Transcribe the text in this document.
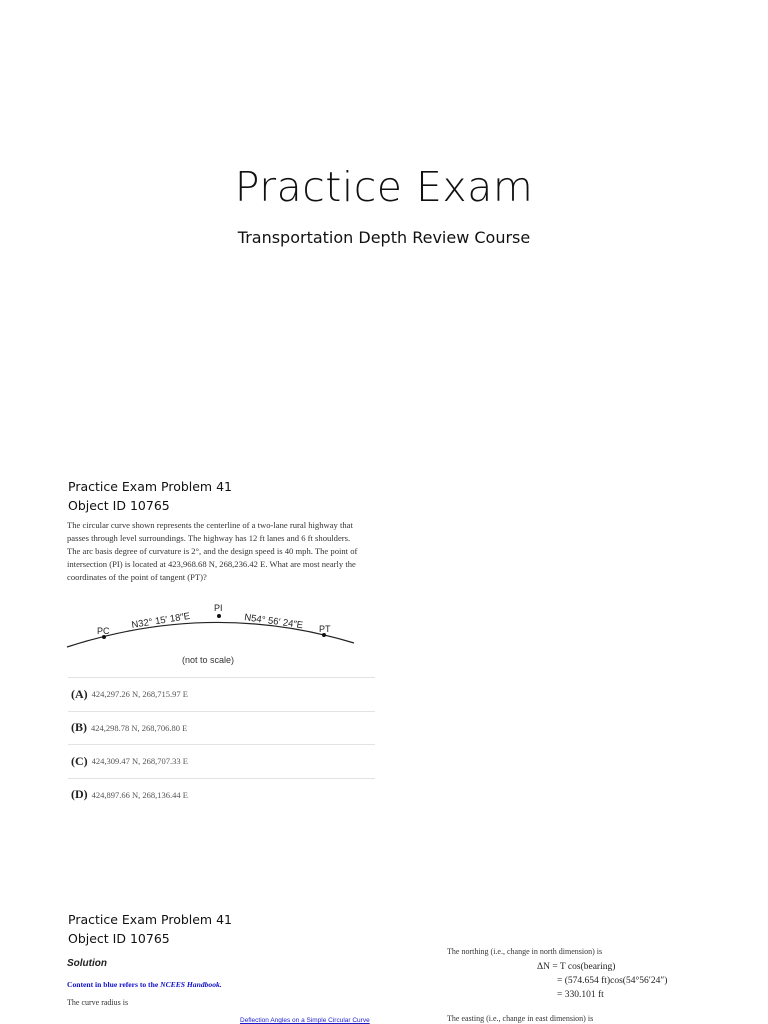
Practice Exam
Transportation Depth Review Course
Practice Exam Problem 41
Object ID 10765
The circular curve shown represents the centerline of a two-lane rural highway that passes through level surroundings. The highway has 12 ft lanes and 6 ft shoulders. The arc basis degree of curvature is 2°, and the design speed is 40 mph. The point of intersection (PI) is located at 423,968.68 N, 268,236.42 E. What are most nearly the coordinates of the point of tangent (PT)?
PC
PI
PT
N32° 15′ 18″E	N54° 56′ 24″E
(not to scale)
(A) 424,297.26 N, 268,715.97 E
(B) 424,298.78 N, 268,706.80 E
(C) 424,309.47 N, 268,707.33 E
(D) 424,897.66 N, 268,136.44 E
Practice Exam Problem 41
Object ID 10765
Solution
Content in blue refers to the NCEES Handbook.
The curve radius is
Deflection Angles on a Simple Circular Curve
The northing (i.e., change in north dimension) is
ΔN = T cos(bearing)
= (574.654 ft)cos(54°56′24″)
= 330.101 ft
The easting (i.e., change in east dimension) is
